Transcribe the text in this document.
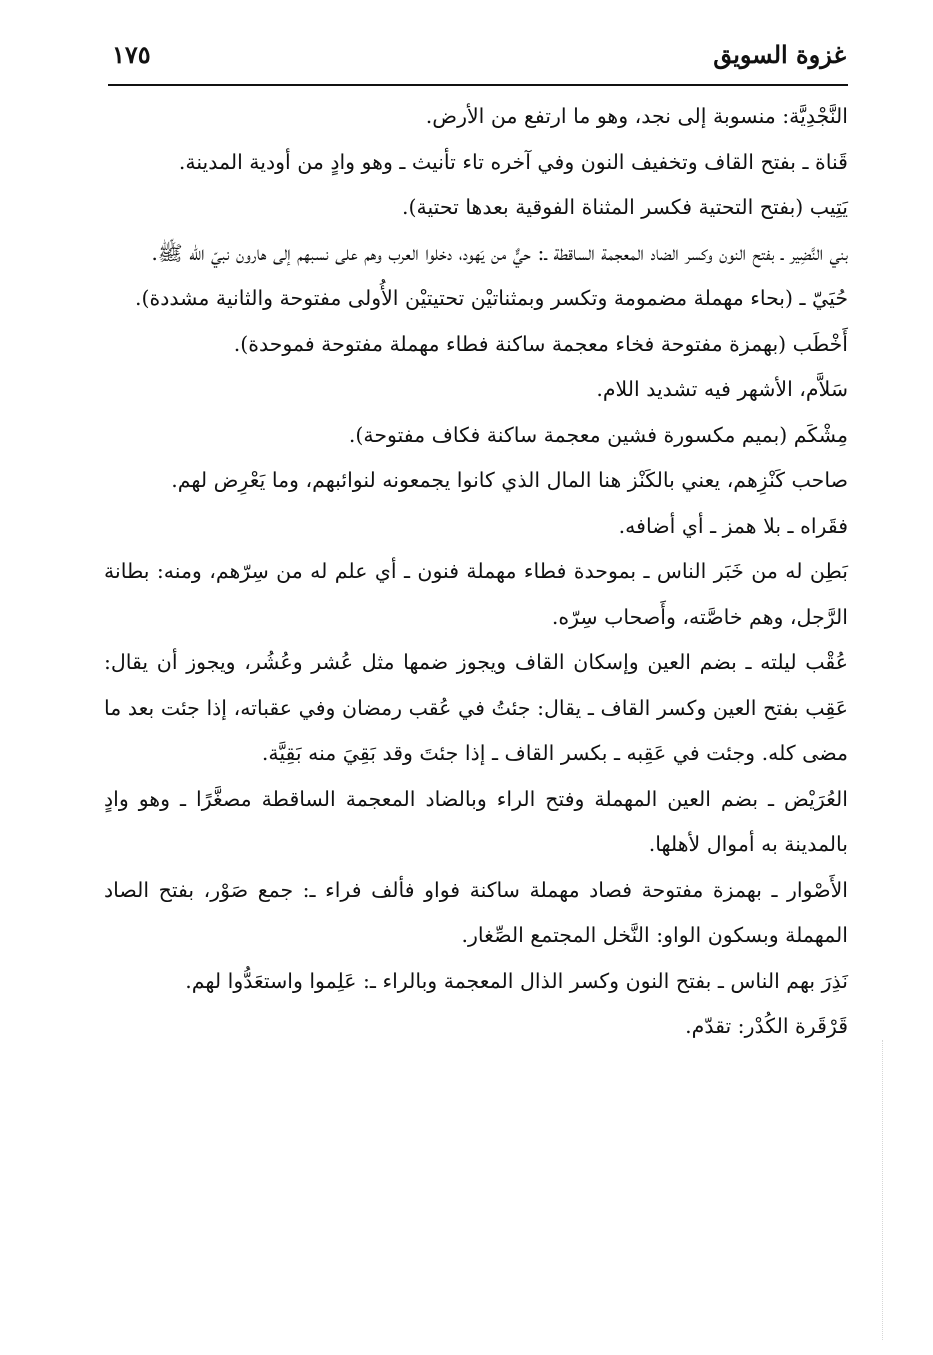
١٧٥	غزوة السويق

النَّجْدِيَّة: منسوبة إلى نجد، وهو ما ارتفع من الأرض.

قَناة ـ بفتح القاف وتخفيف النون وفي آخره تاء تأنيث ـ وهو وادٍ من أودية المدينة.

يَتِيب (بفتح التحتية فكسر المثناة الفوقية بعدها تحتية).

بني النَّضِير ـ بفتح النون وكسر الضاد المعجمة الساقطة ـ: حيٌّ من يَهود، دخلوا العرب وهم على نسبهم إلى هارون نبيّ الله ﷺ.

حُيَيّ ـ (بحاء مهملة مضمومة وتكسر وبمثناتيْن تحتيتيْن الأُولى مفتوحة والثانية مشددة).

أَخْطَب (بهمزة مفتوحة فخاء معجمة ساكنة فطاء مهملة مفتوحة فموحدة).

سَلاَّم، الأشهر فيه تشديد اللام.

مِشْكَم (بميم مكسورة فشين معجمة ساكنة فكاف مفتوحة).

صاحب كَنْزِهم، يعني بالكَنْز هنا المال الذي كانوا يجمعونه لنوائبهم، وما يَعْرِض لهم.

فقَراه ـ بلا همز ـ أي أضافه.

بَطِن له من خَبَر الناس ـ بموحدة فطاء مهملة فنون ـ أي علم له من سِرّهم، ومنه: بطانة الرَّجل، وهم خاصَّته، وأَصحاب سِرّه.

عُقْب ليلته ـ بضم العين وإسكان القاف ويجوز ضمها مثل عُشر وعُشُر، ويجوز أن يقال: عَقِب بفتح العين وكسر القاف ـ يقال: جئتُ في عُقب رمضان وفي عقباته، إذا جئت بعد ما مضى كله. وجئت في عَقِبه ـ بكسر القاف ـ إذا جئتَ وقد بَقِيَ منه بَقِيَّة.

العُرَيْض ـ بضم العين المهملة وفتح الراء وبالضاد المعجمة الساقطة مصغَّرًا ـ وهو وادٍ بالمدينة به أموال لأهلها.

الأَصْوار ـ بهمزة مفتوحة فصاد مهملة ساكنة فواو فألف فراء ـ: جمع صَوْر، بفتح الصاد المهملة وبسكون الواو: النَّخل المجتمع الصِّغار.

نَذِرَ بهم الناس ـ بفتح النون وكسر الذال المعجمة وبالراء ـ: عَلِموا واستعَدُّوا لهم.

قَرْقَرة الكُدْر: تقدّم.
